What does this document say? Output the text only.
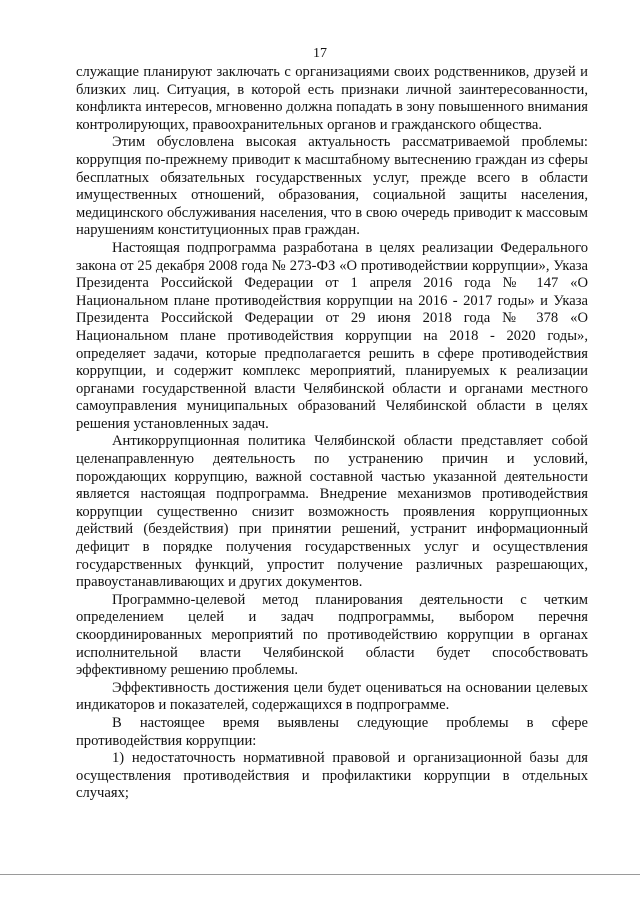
17

служащие планируют заключать с организациями своих родственников, друзей и близких лиц. Ситуация, в которой есть признаки личной заинтересованности, конфликта интересов, мгновенно должна попадать в зону повышенного внимания контролирующих, правоохранительных органов и гражданского общества.

Этим обусловлена высокая актуальность рассматриваемой проблемы: коррупция по-прежнему приводит к масштабному вытеснению граждан из сферы бесплатных обязательных государственных услуг, прежде всего в области имущественных отношений, образования, социальной защиты населения, медицинского обслуживания населения, что в свою очередь приводит к массовым нарушениям конституционных прав граждан.

Настоящая подпрограмма разработана в целях реализации Федерального закона от 25 декабря 2008 года № 273-ФЗ «О противодействии коррупции», Указа Президента Российской Федерации от 1 апреля 2016 года № 147 «О Национальном плане противодействия коррупции на 2016 - 2017 годы» и Указа Президента Российской Федерации от 29 июня 2018 года № 378 «О Национальном плане противодействия коррупции на 2018 - 2020 годы», определяет задачи, которые предполагается решить в сфере противодействия коррупции, и содержит комплекс мероприятий, планируемых к реализации органами государственной власти Челябинской области и органами местного самоуправления муниципальных образований Челябинской области в целях решения установленных задач.

Антикоррупционная политика Челябинской области представляет собой целенаправленную деятельность по устранению причин и условий, порождающих коррупцию, важной составной частью указанной деятельности является настоящая подпрограмма. Внедрение механизмов противодействия коррупции существенно снизит возможность проявления коррупционных действий (бездействия) при принятии решений, устранит информационный дефицит в порядке получения государственных услуг и осуществления государственных функций, упростит получение различных разрешающих, правоустанавливающих и других документов.

Программно-целевой метод планирования деятельности с четким определением целей и задач подпрограммы, выбором перечня скоординированных мероприятий по противодействию коррупции в органах исполнительной власти Челябинской области будет способствовать эффективному решению проблемы.

Эффективность достижения цели будет оцениваться на основании целевых индикаторов и показателей, содержащихся в подпрограмме.

В настоящее время выявлены следующие проблемы в сфере противодействия коррупции:

1) недостаточность нормативной правовой и организационной базы для осуществления противодействия и профилактики коррупции в отдельных случаях;
